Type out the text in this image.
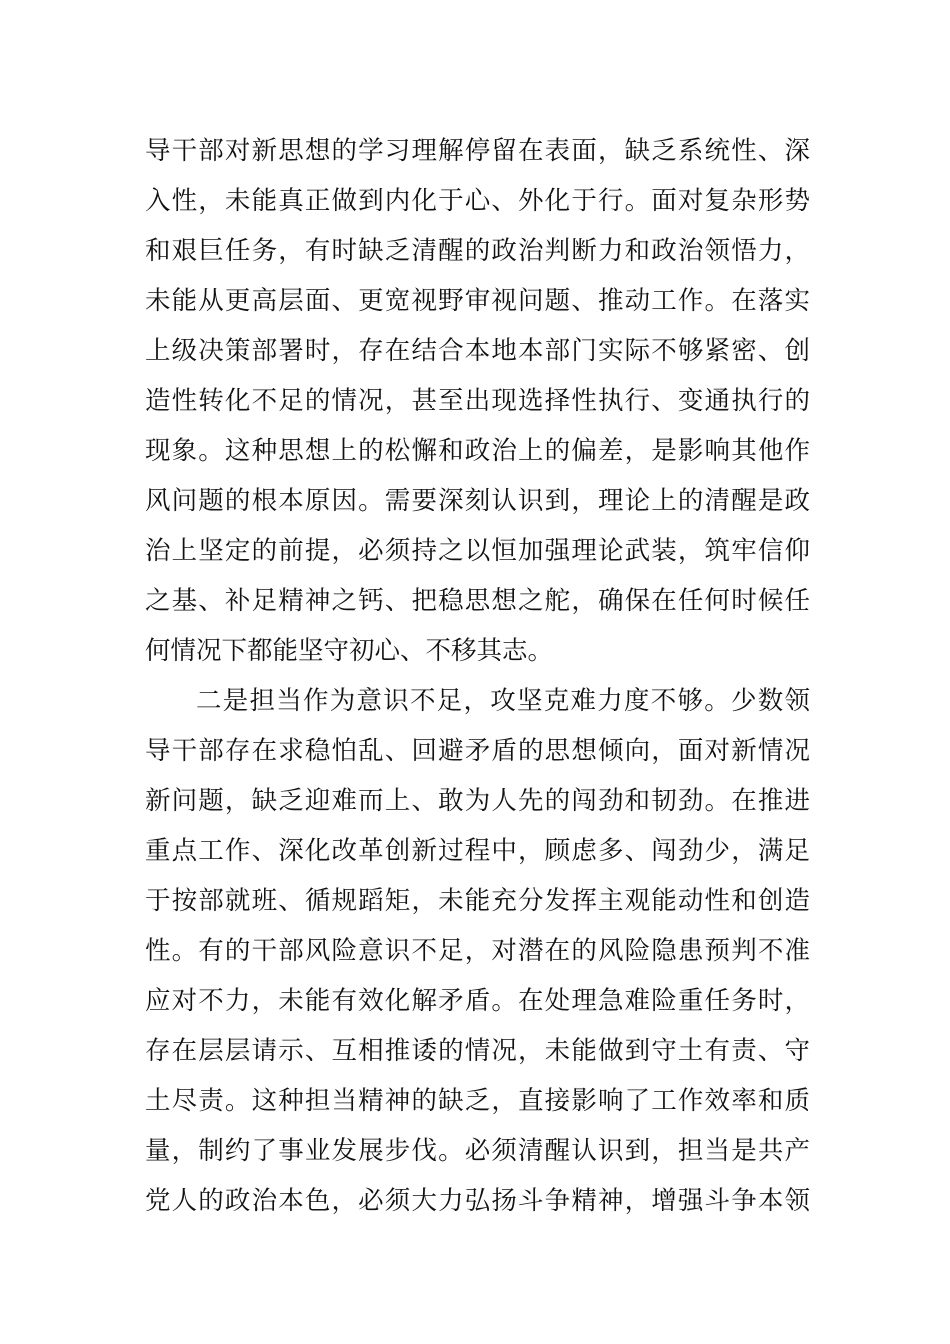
导干部对新思想的学习理解停留在表面，缺乏系统性、深
入性，未能真正做到内化于心、外化于行。面对复杂形势
和艰巨任务，有时缺乏清醒的政治判断力和政治领悟力，
未能从更高层面、更宽视野审视问题、推动工作。在落实
上级决策部署时，存在结合本地本部门实际不够紧密、创
造性转化不足的情况，甚至出现选择性执行、变通执行的
现象。这种思想上的松懈和政治上的偏差，是影响其他作
风问题的根本原因。需要深刻认识到，理论上的清醒是政
治上坚定的前提，必须持之以恒加强理论武装，筑牢信仰
之基、补足精神之钙、把稳思想之舵，确保在任何时候任
何情况下都能坚守初心、不移其志。
二是担当作为意识不足，攻坚克难力度不够。少数领
导干部存在求稳怕乱、回避矛盾的思想倾向，面对新情况
新问题，缺乏迎难而上、敢为人先的闯劲和韧劲。在推进
重点工作、深化改革创新过程中，顾虑多、闯劲少，满足
于按部就班、循规蹈矩，未能充分发挥主观能动性和创造
性。有的干部风险意识不足，对潜在的风险隐患预判不准
应对不力，未能有效化解矛盾。在处理急难险重任务时，
存在层层请示、互相推诿的情况，未能做到守土有责、守
土尽责。这种担当精神的缺乏，直接影响了工作效率和质
量，制约了事业发展步伐。必须清醒认识到，担当是共产
党人的政治本色，必须大力弘扬斗争精神，增强斗争本领
